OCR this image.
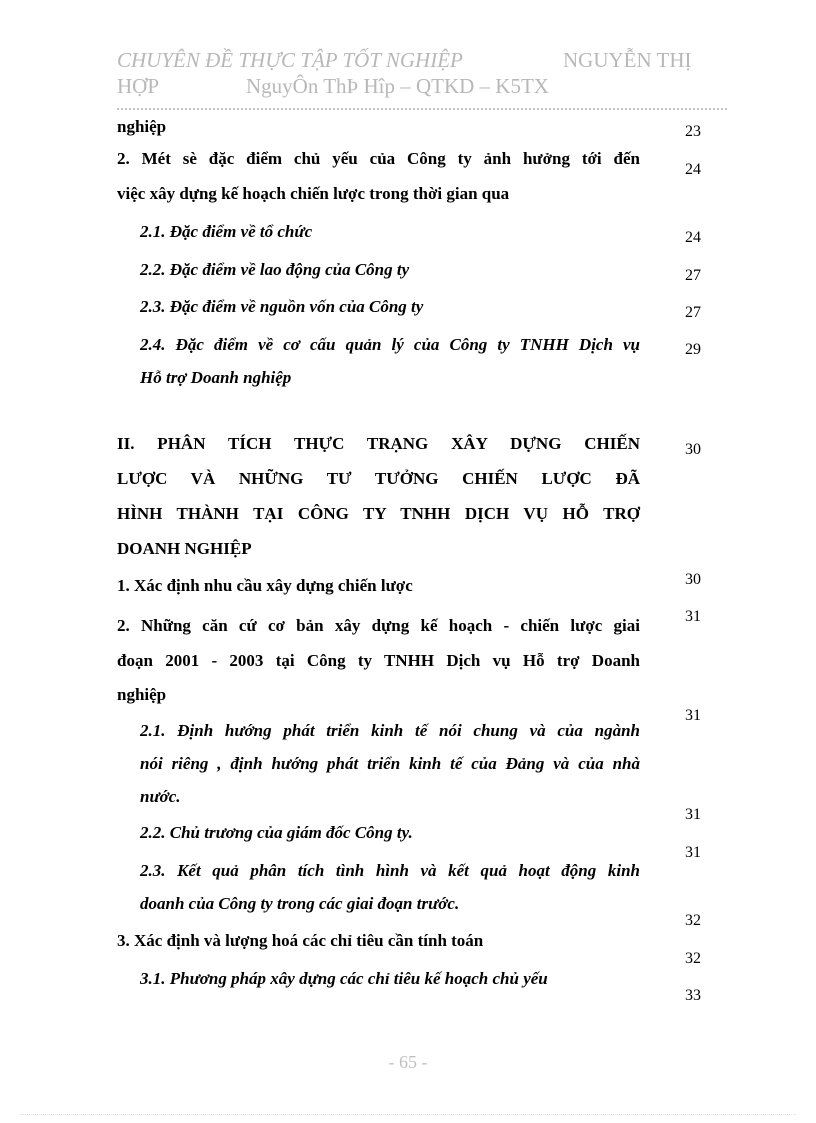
CHUYÊN ĐỀ THỰC TẬP TỐT NGHIỆP	NGUYỄN THỊ
HỢP	NguyÔn ThÞ Hîp – QTKD – K5TX
nghiệp
2. Mét sè đặc điểm chủ yếu của Công ty ảnh hưởng tới đến
việc xây dựng kế hoạch chiến lược trong thời gian qua
2.1. Đặc điểm về tổ chức
2.2. Đặc điểm về lao động của Công ty
2.3. Đặc điểm về nguồn vốn của Công ty
2.4. Đặc điểm về cơ cấu quản lý của Công ty TNHH Dịch vụ
Hỗ trợ Doanh nghiệp
II. PHÂN TÍCH THỰC TRẠNG XÂY DỰNG CHIẾN
LƯỢC VÀ NHỮNG TƯ TƯỞNG CHIẾN LƯỢC ĐÃ
HÌNH THÀNH TẠI CÔNG TY TNHH DỊCH VỤ HỖ TRỢ
DOANH NGHIỆP
1. Xác định nhu cầu xây dựng chiến lược
2. Những căn cứ cơ bản xây dựng kế hoạch - chiến lược giai
đoạn 2001 - 2003 tại Công ty TNHH Dịch vụ Hỗ trợ Doanh
nghiệp
2.1. Định hướng phát triển kinh tế nói chung và của ngành
nói riêng , định hướng phát triển kinh tế của Đảng và của nhà
nước.
2.2. Chủ trương của giám đốc Công ty.
2.3. Kết quả phân tích tình hình và kết quả hoạt động kinh
doanh của Công ty trong các giai đoạn trước.
3. Xác định và lượng hoá các chỉ tiêu cần tính toán
3.1. Phương pháp xây dựng các chỉ tiêu kế hoạch chủ yếu
23
24
24
27
27
29
30
30
31
31
31
31
32
32
33
- 65 -
